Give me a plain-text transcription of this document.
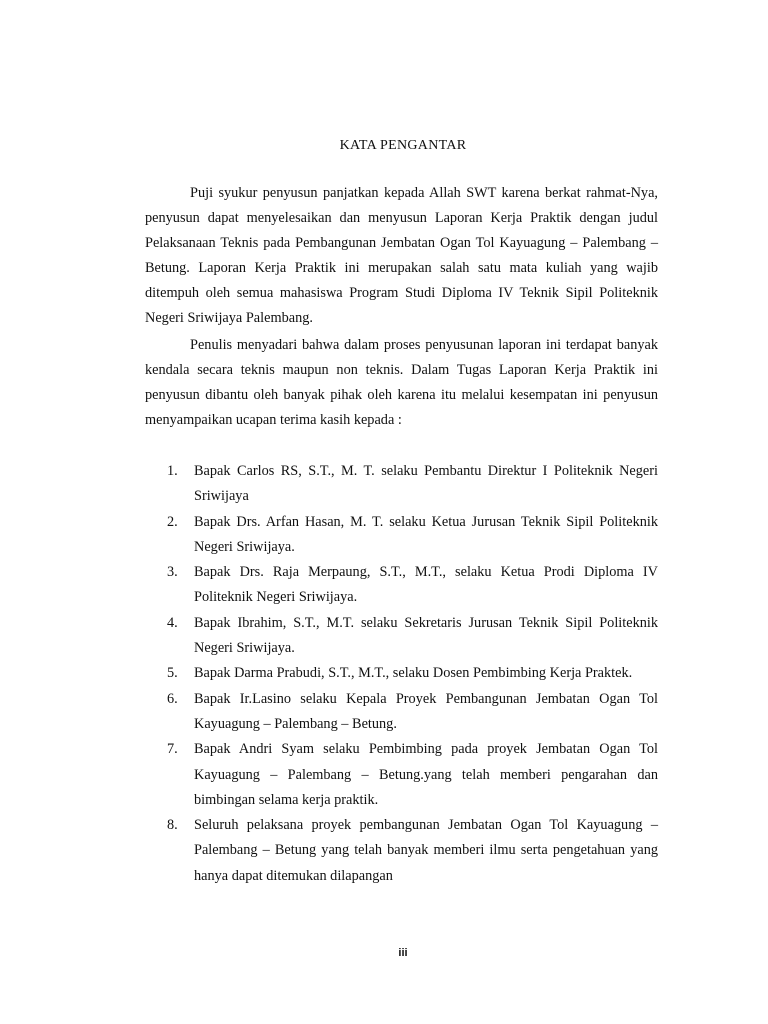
KATA PENGANTAR

Puji syukur penyusun panjatkan kepada Allah SWT karena berkat rahmat-Nya, penyusun dapat menyelesaikan dan menyusun Laporan Kerja Praktik dengan judul Pelaksanaan Teknis pada Pembangunan Jembatan Ogan Tol Kayuagung – Palembang – Betung. Laporan Kerja Praktik ini merupakan salah satu mata kuliah yang wajib ditempuh oleh semua mahasiswa Program Studi Diploma IV Teknik Sipil Politeknik Negeri Sriwijaya Palembang.

Penulis menyadari bahwa dalam proses penyusunan laporan ini terdapat banyak kendala secara teknis maupun non teknis. Dalam Tugas Laporan Kerja Praktik ini penyusun dibantu oleh banyak pihak oleh karena itu melalui kesempatan ini penyusun menyampaikan ucapan terima kasih kepada :

1. Bapak Carlos RS, S.T., M. T. selaku Pembantu Direktur I Politeknik Negeri Sriwijaya
2. Bapak Drs. Arfan Hasan, M. T. selaku Ketua Jurusan Teknik Sipil Politeknik Negeri Sriwijaya.
3. Bapak Drs. Raja Merpaung, S.T., M.T., selaku Ketua Prodi Diploma IV Politeknik Negeri Sriwijaya.
4. Bapak Ibrahim, S.T., M.T. selaku Sekretaris Jurusan Teknik Sipil Politeknik Negeri Sriwijaya.
5. Bapak Darma Prabudi, S.T., M.T., selaku Dosen Pembimbing Kerja Praktek.
6. Bapak Ir.Lasino selaku Kepala Proyek Pembangunan Jembatan Ogan Tol Kayuagung – Palembang – Betung.
7. Bapak Andri Syam selaku Pembimbing pada proyek Jembatan Ogan Tol Kayuagung – Palembang – Betung.yang telah memberi pengarahan dan bimbingan selama kerja praktik.
8. Seluruh pelaksana proyek pembangunan Jembatan Ogan Tol Kayuagung – Palembang – Betung yang telah banyak memberi ilmu serta pengetahuan yang hanya dapat ditemukan dilapangan
iii
